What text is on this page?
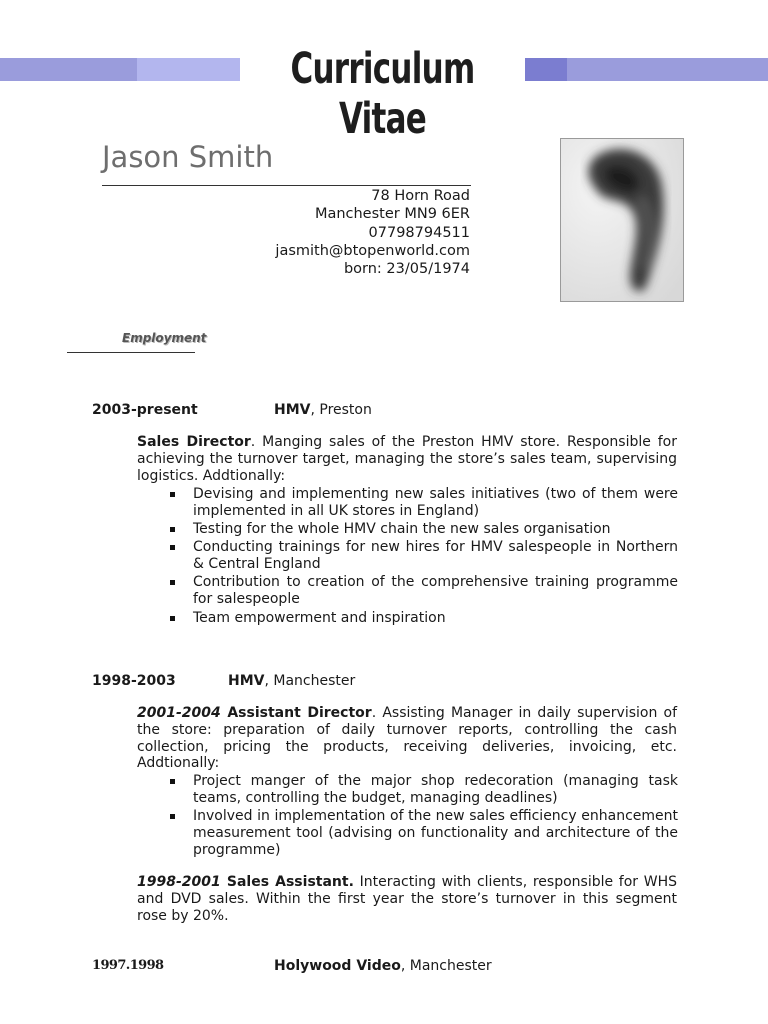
Curriculum Vitae
Jason Smith
78 Horn Road
Manchester MN9 6ER
07798794511
jasmith@btopenworld.com
born: 23/05/1974
Employment
2003-present	HMV, Preston
Sales Director. Manging sales of the Preston HMV store. Responsible for achieving the turnover target, managing the store’s sales team, supervising logistics. Addtionally:
Devising and implementing new sales initiatives (two of them were implemented in all UK stores in England)
Testing for the whole HMV chain the new sales organisation
Conducting trainings for new hires for HMV salespeople in Northern & Central England
Contribution to creation of the comprehensive training programme for salespeople
Team empowerment and inspiration
1998-2003	HMV, Manchester
2001-2004 Assistant Director. Assisting Manager in daily supervision of the store: preparation of daily turnover reports, controlling the cash collection, pricing the products, receiving deliveries, invoicing, etc. Addtionally:
Project manger of the major shop redecoration (managing task teams, controlling the budget, managing deadlines)
Involved in implementation of the new sales efficiency enhancement measurement tool (advising on functionality and architecture of the programme)
1998-2001 Sales Assistant. Interacting with clients, responsible for WHS and DVD sales. Within the first year the store’s turnover in this segment rose by 20%.
1997.1998	Holywood Video, Manchester
